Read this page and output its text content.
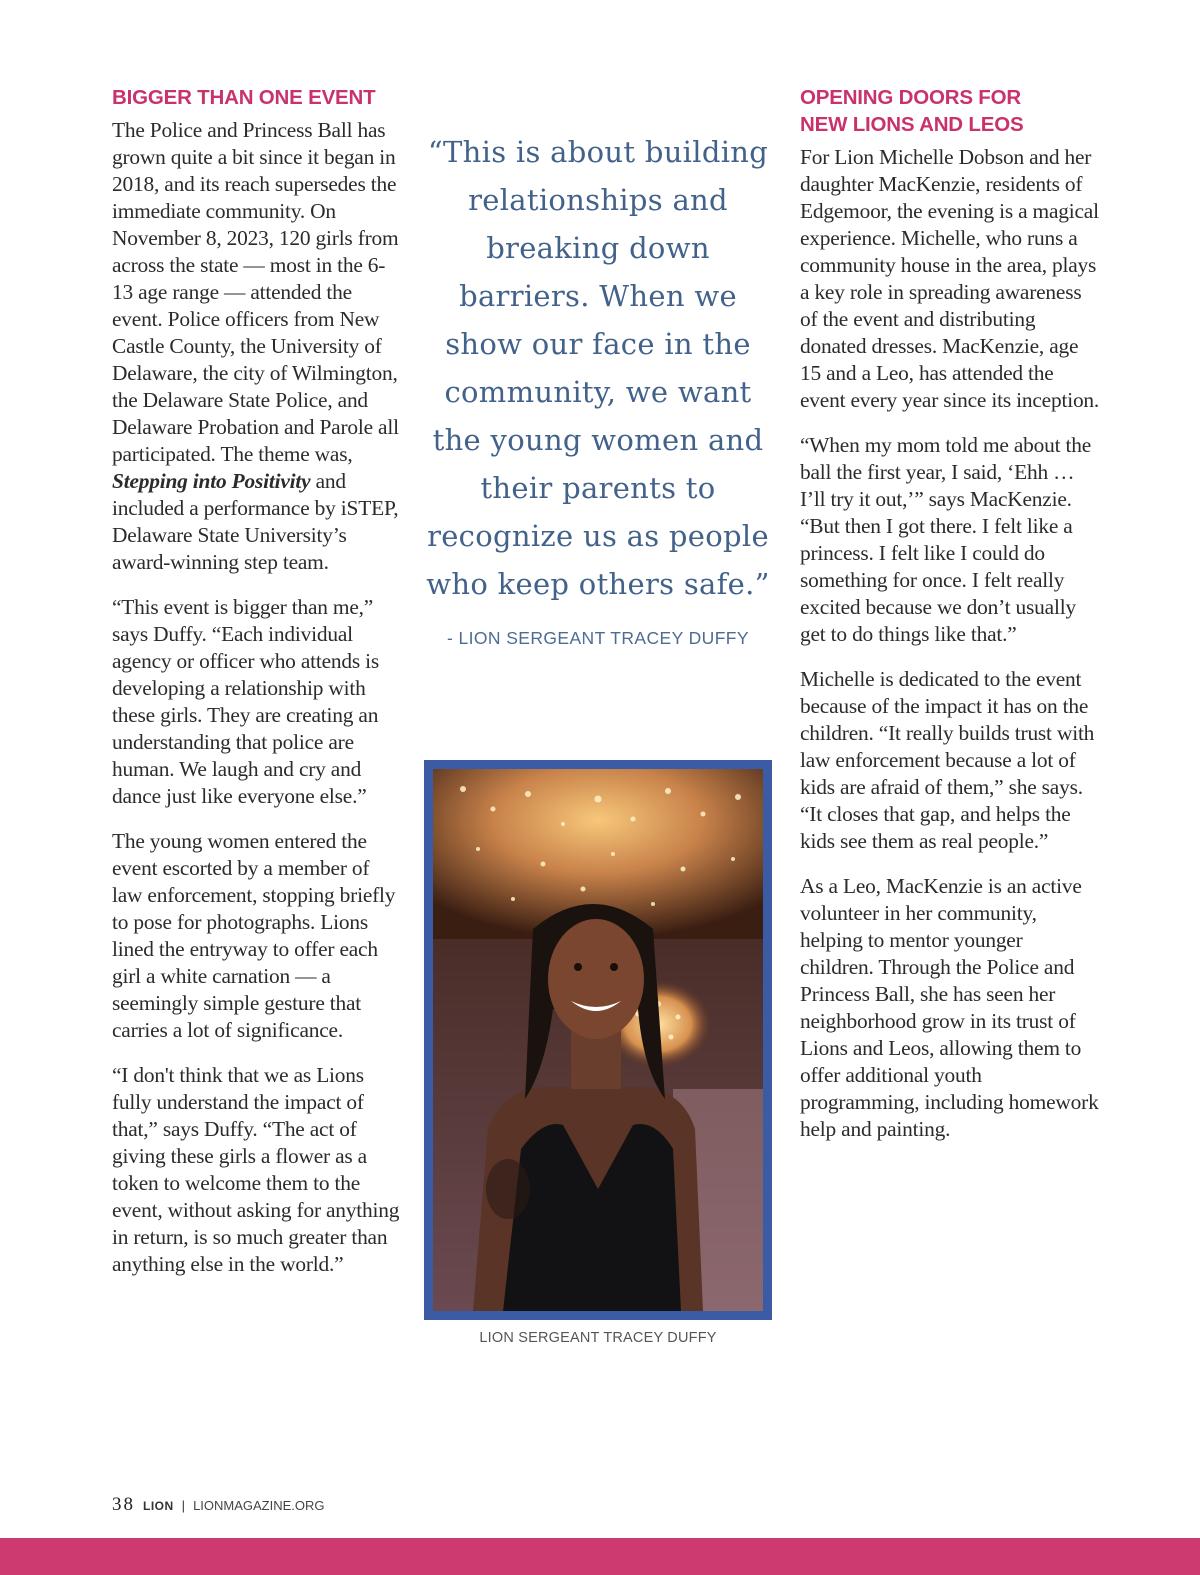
BIGGER THAN ONE EVENT

The Police and Princess Ball has grown quite a bit since it began in 2018, and its reach supersedes the immediate community. On November 8, 2023, 120 girls from across the state — most in the 6-13 age range — attended the event. Police officers from New Castle County, the University of Delaware, the city of Wilmington, the Delaware State Police, and Delaware Probation and Parole all participated. The theme was, Stepping into Positivity and included a performance by iSTEP, Delaware State University’s award-winning step team.

“This event is bigger than me,” says Duffy. “Each individual agency or officer who attends is developing a relationship with these girls. They are creating an understanding that police are human. We laugh and cry and dance just like everyone else.”

The young women entered the event escorted by a member of law enforcement, stopping briefly to pose for photographs. Lions lined the entryway to offer each girl a white carnation — a seemingly simple gesture that carries a lot of significance.

“I don't think that we as Lions fully understand the impact of that,” says Duffy. “The act of giving these girls a flower as a token to welcome them to the event, without asking for anything in return, is so much greater than anything else in the world.”

“This is about building relationships and breaking down barriers. When we show our face in the community, we want the young women and their parents to recognize us as people who keep others safe.”

- LION SERGEANT TRACEY DUFFY
LION SERGEANT TRACEY DUFFY
OPENING DOORS FOR NEW LIONS AND LEOS

For Lion Michelle Dobson and her daughter MacKenzie, residents of Edgemoor, the evening is a magical experience. Michelle, who runs a community house in the area, plays a key role in spreading awareness of the event and distributing donated dresses. MacKenzie, age 15 and a Leo, has attended the event every year since its inception.

“When my mom told me about the ball the first year, I said, ‘Ehh … I’ll try it out,’” says MacKenzie. “But then I got there. I felt like a princess. I felt like I could do something for once. I felt really excited because we don’t usually get to do things like that.”

Michelle is dedicated to the event because of the impact it has on the children. “It really builds trust with law enforcement because a lot of kids are afraid of them,” she says. “It closes that gap, and helps the kids see them as real people.”

As a Leo, MacKenzie is an active volunteer in her community, helping to mentor younger children. Through the Police and Princess Ball, she has seen her neighborhood grow in its trust of Lions and Leos, allowing them to offer additional youth programming, including homework help and painting.

38 LION | LIONMAGAZINE.ORG
